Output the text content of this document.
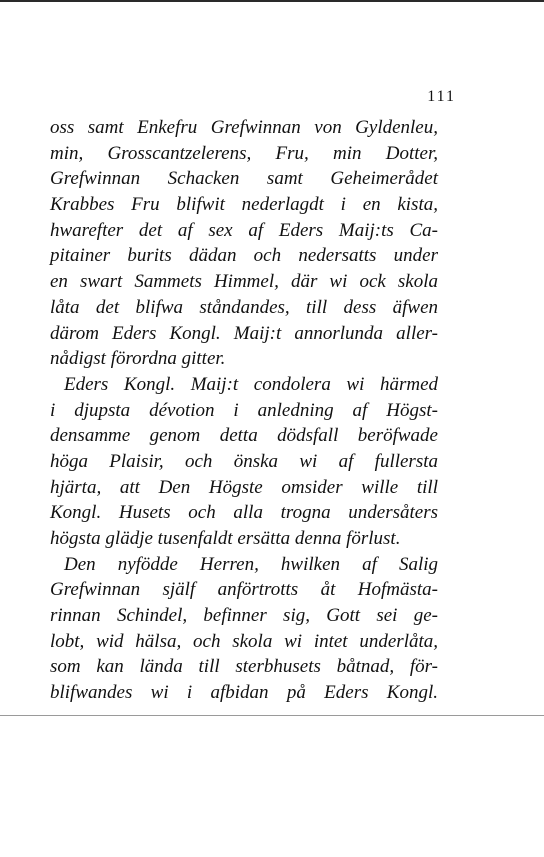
111
oss samt Enkefru Grefwinnan von Gyldenleu,
min, Grosscantzelerens, Fru, min Dotter,
Grefwinnan Schacken samt Geheimerådet
Krabbes Fru blifwit nederlagdt i en kista,
hwarefter det af sex af Eders Maij:ts Ca-
pitainer burits dädan och nedersatts under
en swart Sammets Himmel, där wi ock skola
låta det blifwa ståndandes, till dess äfwen
därom Eders Kongl. Maij:t annorlunda aller-
nådigst förordna gitter.
Eders Kongl. Maij:t condolera wi härmed
i djupsta dévotion i anledning af Högst-
densamme genom detta dödsfall beröfwade
höga Plaisir, och önska wi af fullersta
hjärta, att Den Högste omsider wille till
Kongl. Husets och alla trogna undersåters
högsta glädje tusenfaldt ersätta denna förlust.
Den nyfödde Herren, hwilken af Salig
Grefwinnan själf anförtrotts åt Hofmästa-
rinnan Schindel, befinner sig, Gott sei ge-
lobt, wid hälsa, och skola wi intet underlåta,
som kan lända till sterbhusets båtnad, för-
blifwandes wi i afbidan på Eders Kongl.
